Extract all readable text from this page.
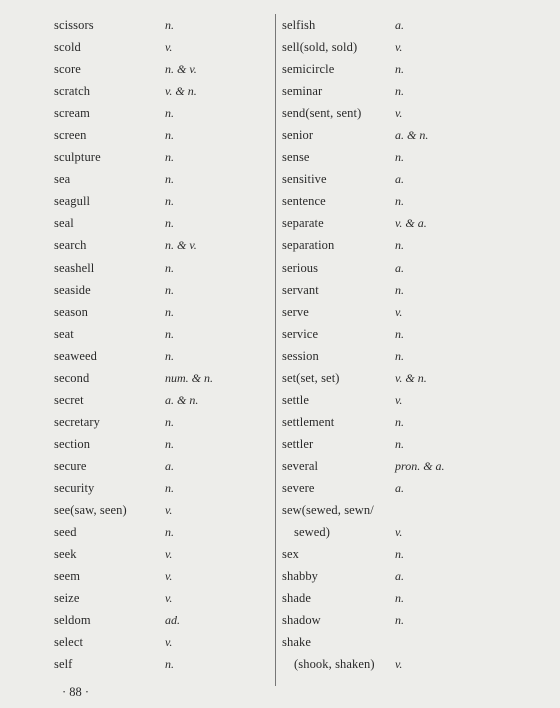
scissors	n.
scold	v.
score	n. & v.
scratch	v. & n.
scream	n.
screen	n.
sculpture	n.
sea	n.
seagull	n.
seal	n.
search	n. & v.
seashell	n.
seaside	n.
season	n.
seat	n.
seaweed	n.
second	num. & n.
secret	a. & n.
secretary	n.
section	n.
secure	a.
security	n.
see(saw, seen)	v.
seed	n.
seek	v.
seem	v.
seize	v.
seldom	ad.
select	v.
self	n.
selfish	a.
sell(sold, sold)	v.
semicircle	n.
seminar	n.
send(sent, sent)	v.
senior	a. & n.
sense	n.
sensitive	a.
sentence	n.
separate	v. & a.
separation	n.
serious	a.
servant	n.
serve	v.
service	n.
session	n.
set(set, set)	v. & n.
settle	v.
settlement	n.
settler	n.
several	pron. & a.
severe	a.
sew(sewed, sewn/
sewed)	v.
sex	n.
shabby	a.
shade	n.
shadow	n.
shake
(shook, shaken) v.
· 88 ·
